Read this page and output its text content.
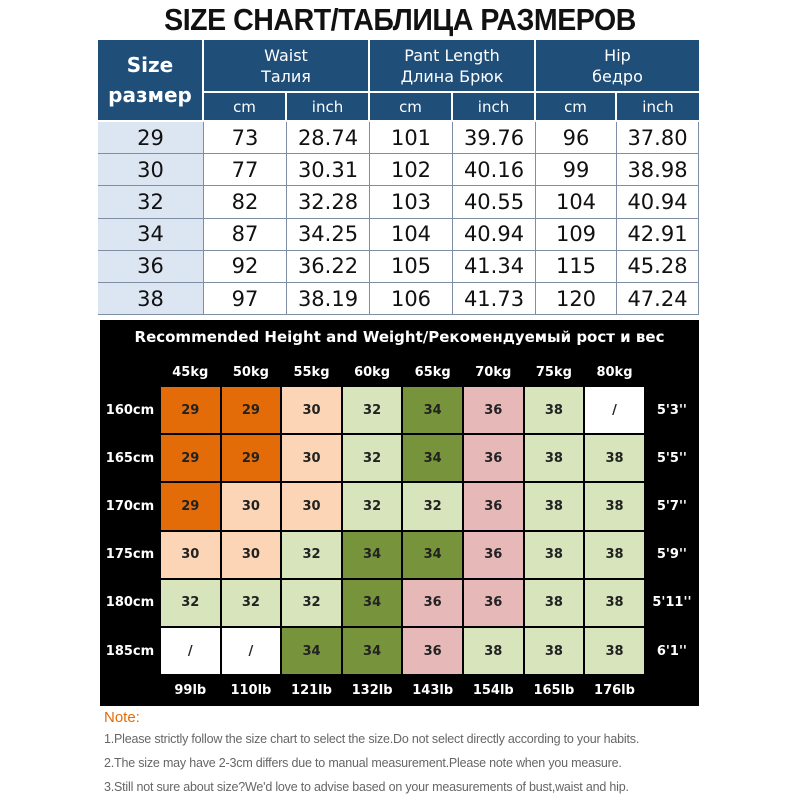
SIZE CHART/ТАБЛИЦА РАЗМЕРОВ
Size
размер
Waist
Талия
Pant Length
Длина Брюк
Hip
бедро
cm	inch	cm	inch	cm	inch
29	73	28.74	101	39.76	96	37.80
30	77	30.31	102	40.16	99	38.98
32	82	32.28	103	40.55	104	40.94
34	87	34.25	104	40.94	109	42.91
36	92	36.22	105	41.34	115	45.28
38	97	38.19	106	41.73	120	47.24
Recommended Height and Weight/Рекомендуемый рост и вес
45kg	50kg	55kg	60kg	65kg	70kg	75kg	80kg
160cm	29	29	30	32	34	36	38	/	5'3''
165cm	29	29	30	32	34	36	38	38	5'5''
170cm	29	30	30	32	32	36	38	38	5'7''
175cm	30	30	32	34	34	36	38	38	5'9''
180cm	32	32	32	34	36	36	38	38	5'11''
185cm	/	/	34	34	36	38	38	38	6'1''
99lb	110lb	121lb	132lb	143lb	154lb	165lb	176lb
Note:
1.Please strictly follow the size chart to select the size.Do not select directly according to your habits.
2.The size may have 2-3cm differs due to manual measurement.Please note when you measure.
3.Still not sure about size?We'd love to advise based on your measurements of bust,waist and hip.
